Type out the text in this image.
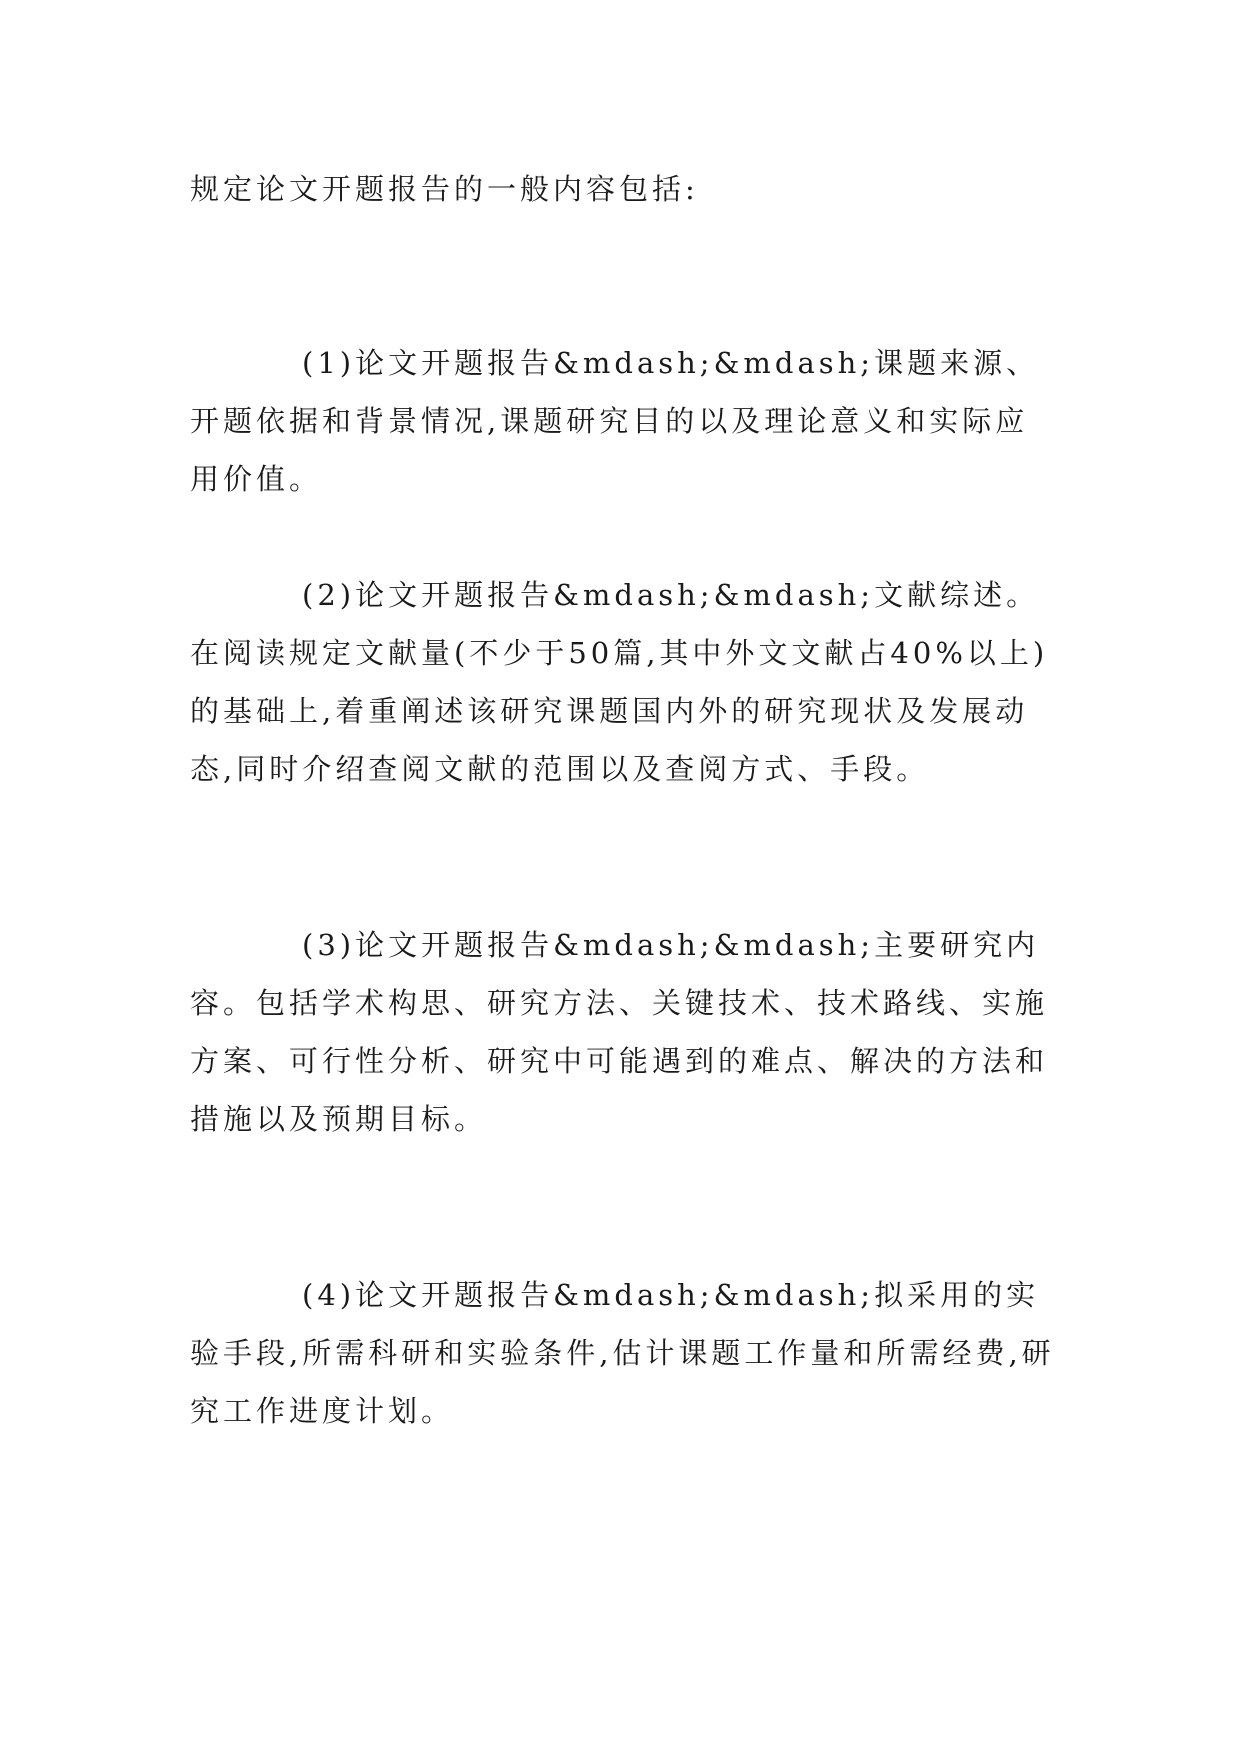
规定论文开题报告的一般内容包括:

(1)论文开题报告&mdash;&mdash;课题来源、开题依据和背景情况,课题研究目的以及理论意义和实际应用价值。

(2)论文开题报告&mdash;&mdash;文献综述。在阅读规定文献量(不少于50篇,其中外文文献占40%以上)的基础上,着重阐述该研究课题国内外的研究现状及发展动态,同时介绍查阅文献的范围以及查阅方式、手段。

(3)论文开题报告&mdash;&mdash;主要研究内容。包括学术构思、研究方法、关键技术、技术路线、实施方案、可行性分析、研究中可能遇到的难点、解决的方法和措施以及预期目标。

(4)论文开题报告&mdash;&mdash;拟采用的实验手段,所需科研和实验条件,估计课题工作量和所需经费,研究工作进度计划。
